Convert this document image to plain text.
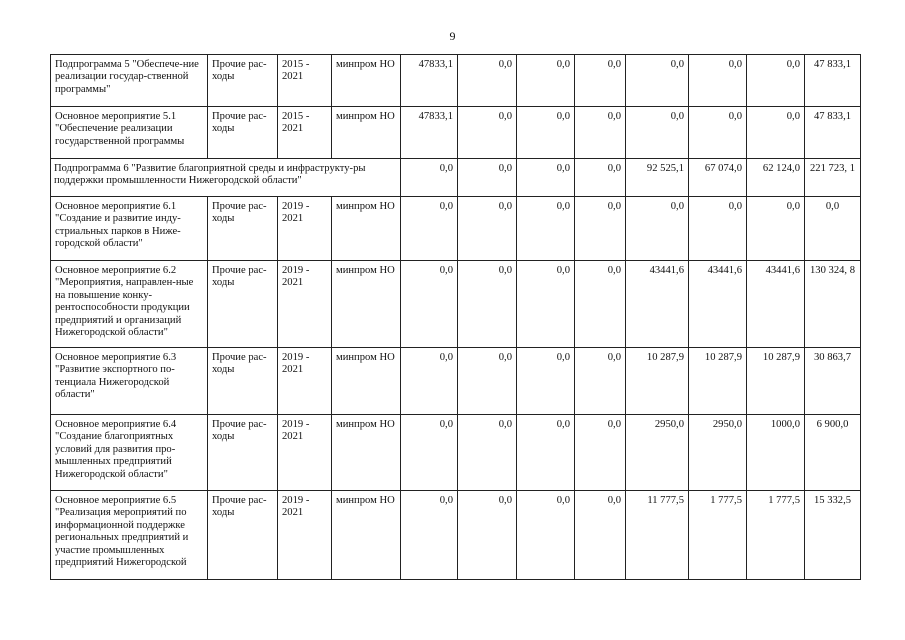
9
Подпрограмма 5 "Обеспече-ние реализации государ-ственной программы"	Прочие рас-ходы	2015 - 2021	минпром НО	47833,1	0,0	0,0	0,0	0,0	0,0	0,0	47 833,1
Основное мероприятие 5.1 "Обеспечение реализации государственной программы	Прочие рас-ходы	2015 - 2021	минпром НО	47833,1	0,0	0,0	0,0	0,0	0,0	0,0	47 833,1
Подпрограмма 6 "Развитие благоприятной среды и инфраструкту-ры поддержки промышленности Нижегородской области"				0,0	0,0	0,0	0,0	92 525,1	67 074,0	62 124,0	221 723, 1
Основное мероприятие 6.1 "Создание и развитие инду-стриальных парков в Ниже-городской области"	Прочие рас-ходы	2019 - 2021	минпром НО	0,0	0,0	0,0	0,0	0,0	0,0	0,0	0,0
Основное мероприятие 6.2 "Мероприятия, направлен-ные на повышение конку-рентоспособности продукции предприятий и организаций Нижегородской области"	Прочие рас-ходы	2019 - 2021	минпром НО	0,0	0,0	0,0	0,0	43441,6	43441,6	43441,6	130 324, 8
Основное мероприятие 6.3 "Развитие экспортного по-тенциала Нижегородской области"	Прочие рас-ходы	2019 - 2021	минпром НО	0,0	0,0	0,0	0,0	10 287,9	10 287,9	10 287,9	30 863,7
Основное мероприятие 6.4 "Создание благоприятных условий для развития про-мышленных предприятий Нижегородской области"	Прочие рас-ходы	2019 - 2021	минпром НО	0,0	0,0	0,0	0,0	2950,0	2950,0	1000,0	6 900,0
Основное мероприятие 6.5 "Реализация мероприятий по информационной поддержке региональных предприятий и участие промышленных предприятий Нижегородской	Прочие рас-ходы	2019 - 2021	минпром НО	0,0	0,0	0,0	0,0	11 777,5	1 777,5	1 777,5	15 332,5
